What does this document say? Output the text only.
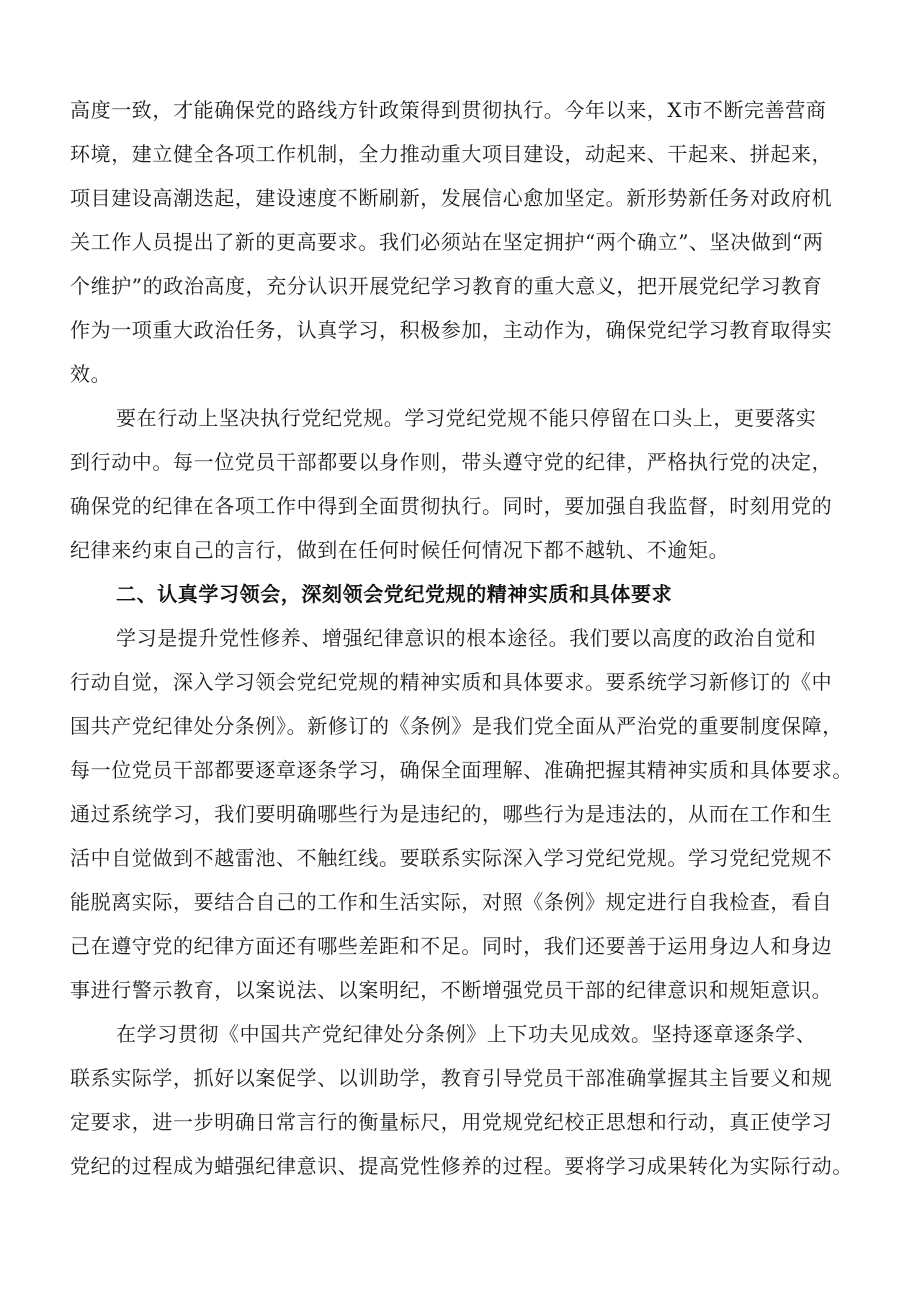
高度一致，才能确保党的路线方针政策得到贯彻执行。今年以来，X市不断完善营商
环境，建立健全各项工作机制，全力推动重大项目建设，动起来、干起来、拼起来，
项目建设高潮迭起，建设速度不断刷新，发展信心愈加坚定。新形势新任务对政府机
关工作人员提出了新的更高要求。我们必须站在坚定拥护“两个确立”、坚决做到“两
个维护”的政治高度，充分认识开展党纪学习教育的重大意义，把开展党纪学习教育
作为一项重大政治任务，认真学习，积极参加，主动作为，确保党纪学习教育取得实
效。
要在行动上坚决执行党纪党规。学习党纪党规不能只停留在口头上，更要落实
到行动中。每一位党员干部都要以身作则，带头遵守党的纪律，严格执行党的决定，
确保党的纪律在各项工作中得到全面贯彻执行。同时，要加强自我监督，时刻用党的
纪律来约束自己的言行，做到在任何时候任何情况下都不越轨、不逾矩。
二、认真学习领会，深刻领会党纪党规的精神实质和具体要求
学习是提升党性修养、增强纪律意识的根本途径。我们要以高度的政治自觉和
行动自觉，深入学习领会党纪党规的精神实质和具体要求。要系统学习新修订的《中
国共产党纪律处分条例》。新修订的《条例》是我们党全面从严治党的重要制度保障，
每一位党员干部都要逐章逐条学习，确保全面理解、准确把握其精神实质和具体要求。
通过系统学习，我们要明确哪些行为是违纪的，哪些行为是违法的，从而在工作和生
活中自觉做到不越雷池、不触红线。要联系实际深入学习党纪党规。学习党纪党规不
能脱离实际，要结合自己的工作和生活实际，对照《条例》规定进行自我检查，看自
己在遵守党的纪律方面还有哪些差距和不足。同时，我们还要善于运用身边人和身边
事进行警示教育，以案说法、以案明纪，不断增强党员干部的纪律意识和规矩意识。
在学习贯彻《中国共产党纪律处分条例》上下功夫见成效。坚持逐章逐条学、
联系实际学，抓好以案促学、以训助学，教育引导党员干部准确掌握其主旨要义和规
定要求，进一步明确日常言行的衡量标尺，用党规党纪校正思想和行动，真正使学习
党纪的过程成为蜡强纪律意识、提高党性修养的过程。要将学习成果转化为实际行动。
